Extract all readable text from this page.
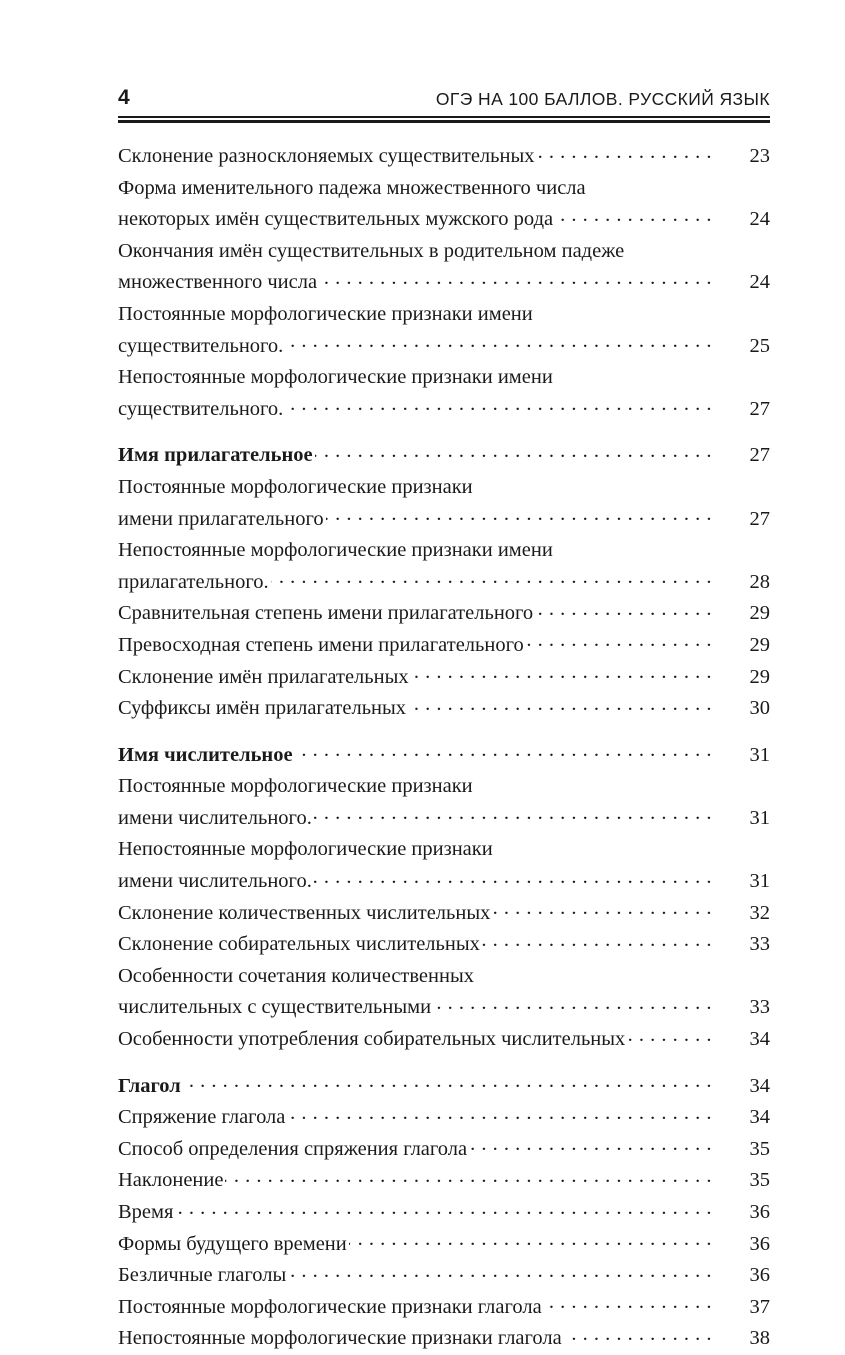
4	ОГЭ НА 100 БАЛЛОВ. РУССКИЙ ЯЗЫК
Склонение разносклоняемых существительных . . .	23
Форма именительного падежа множественного числа
некоторых имён существительных мужского рода . . .	24
Окончания имён существительных в родительном падеже
множественного числа . . .	24
Постоянные морфологические признаки имени
существительного. . . .	25
Непостоянные морфологические признаки имени
существительного. . . .	27
Имя прилагательное . . .	27
Постоянные морфологические признаки
имени прилагательного . . .	27
Непостоянные морфологические признаки имени
прилагательного. . . .	28
Сравнительная степень имени прилагательного . . .	29
Превосходная степень имени прилагательного . . .	29
Склонение имён прилагательных . . .	29
Суффиксы имён прилагательных . . .	30
Имя числительное . . .	31
Постоянные морфологические признаки
имени числительного. . . .	31
Непостоянные морфологические признаки
имени числительного. . . .	31
Склонение количественных числительных . . .	32
Склонение собирательных числительных . . .	33
Особенности сочетания количественных
числительных с существительными . . .	33
Особенности употребления собирательных числительных . . .	34
Глагол . . .	34
Спряжение глагола . . .	34
Способ определения спряжения глагола . . .	35
Наклонение . . .	35
Время . . .	36
Формы будущего времени . . .	36
Безличные глаголы . . .	36
Постоянные морфологические признаки глагола . . .	37
Непостоянные морфологические признаки глагола . . .	38
